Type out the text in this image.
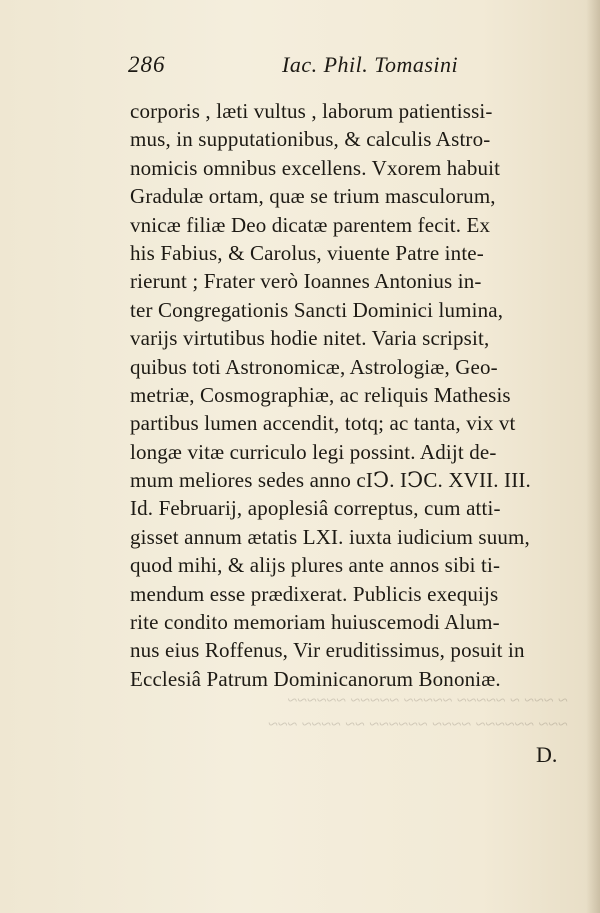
286	Iac. Phil. Tomasini
corporis , læti vultus , laborum patientissi-
mus, in supputationibus, & calculis Astro-
nomicis omnibus excellens. Vxorem habuit
Gradulæ ortam, quæ se trium masculorum,
vnicæ filiæ Deo dicatæ parentem fecit. Ex
his Fabius, & Carolus, viuente Patre inte-
rierunt ; Frater verò Ioannes Antonius in-
ter Congregationis Sancti Dominici lumina,
varijs virtutibus hodie nitet. Varia scripsit,
quibus toti Astronomicæ, Astrologiæ, Geo-
metriæ, Cosmographiæ, ac reliquis Mathesis
partibus lumen accendit, totq; ac tanta, vix vt
longæ vitæ curriculo legi possint. Adijt de-
mum meliores sedes anno cIↃ. IↃC. XVII. III.
Id. Februarij, apoplesiâ correptus, cum atti-
gisset annum ætatis LXI. iuxta iudicium suum,
quod mihi, & alijs plures ante annos sibi ti-
mendum esse prædixerat. Publicis exequijs
rite condito memoriam huiuscemodi Alum-
nus eius Roffenus, Vir eruditissimus, posuit in
Ecclesiâ Patrum Dominicanorum Bononiæ.
~ ~~~ ~ ~~~~~ ~~~~~ ~~~~~ ~~~~~~
~~~ ~~~~~~ ~~~~ ~~~~~~ ~~ ~~~~ ~~~
D.
